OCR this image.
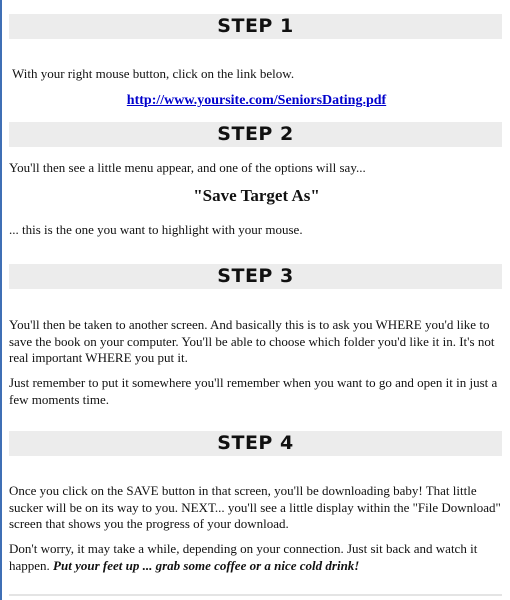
STEP 1
With your right mouse button, click on the link below.
http://www.yoursite.com/SeniorsDating.pdf
STEP 2
You'll then see a little menu appear, and one of the options will say...
"Save Target As"
... this is the one you want to highlight with your mouse.
STEP 3
You'll then be taken to another screen. And basically this is to ask you WHERE you'd like to save the book on your computer. You'll be able to choose which folder you'd like it in. It's not real important WHERE you put it.
Just remember to put it somewhere you'll remember when you want to go and open it in just a few moments time.
STEP 4
Once you click on the SAVE button in that screen, you'll be downloading baby! That little sucker will be on its way to you. NEXT... you'll see a little display within the "File Download" screen that shows you the progress of your download.
Don't worry, it may take a while, depending on your connection. Just sit back and watch it happen. Put your feet up ... grab some coffee or a nice cold drink!
